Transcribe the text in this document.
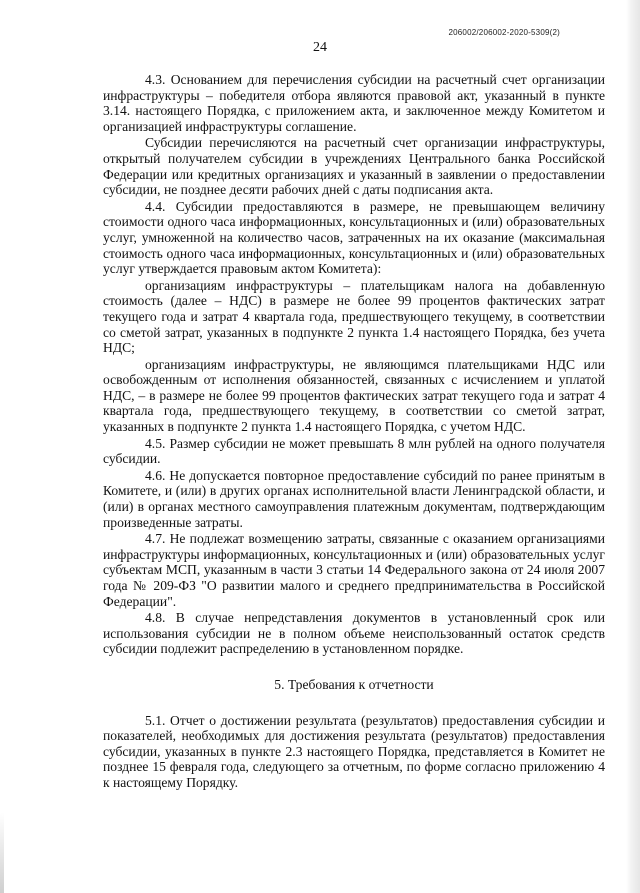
206002/206002-2020-5309(2)
24

4.3. Основанием для перечисления субсидии на расчетный счет организации инфраструктуры – победителя отбора являются правовой акт, указанный в пункте 3.14. настоящего Порядка, с приложением акта, и заключенное между Комитетом и организацией инфраструктуры соглашение.

Субсидии перечисляются на расчетный счет организации инфраструктуры, открытый получателем субсидии в учреждениях Центрального банка Российской Федерации или кредитных организациях и указанный в заявлении о предоставлении субсидии, не позднее десяти рабочих дней с даты подписания акта.

4.4. Субсидии предоставляются в размере, не превышающем величину стоимости одного часа информационных, консультационных и (или) образовательных услуг, умноженной на количество часов, затраченных на их оказание (максимальная стоимость одного часа информационных, консультационных и (или) образовательных услуг утверждается правовым актом Комитета):

организациям инфраструктуры – плательщикам налога на добавленную стоимость (далее – НДС) в размере не более 99 процентов фактических затрат текущего года и затрат 4 квартала года, предшествующего текущему, в соответствии со сметой затрат, указанных в подпункте 2 пункта 1.4 настоящего Порядка, без учета НДС;

организациям инфраструктуры, не являющимся плательщиками НДС или освобожденным от исполнения обязанностей, связанных с исчислением и уплатой НДС, – в размере не более 99 процентов фактических затрат текущего года и затрат 4 квартала года, предшествующего текущему, в соответствии со сметой затрат, указанных в подпункте 2 пункта 1.4 настоящего Порядка, с учетом НДС.

4.5. Размер субсидии не может превышать 8 млн рублей на одного получателя субсидии.

4.6. Не допускается повторное предоставление субсидий по ранее принятым в Комитете, и (или) в других органах исполнительной власти Ленинградской области, и (или) в органах местного самоуправления платежным документам, подтверждающим произведенные затраты.

4.7. Не подлежат возмещению затраты, связанные с оказанием организациями инфраструктуры информационных, консультационных и (или) образовательных услуг субъектам МСП, указанным в части 3 статьи 14 Федерального закона от 24 июля 2007 года № 209-ФЗ "О развитии малого и среднего предпринимательства в Российской Федерации".

4.8. В случае непредставления документов в установленный срок или использования субсидии не в полном объеме неиспользованный остаток средств субсидии подлежит распределению в установленном порядке.

5. Требования к отчетности

5.1. Отчет о достижении результата (результатов) предоставления субсидии и показателей, необходимых для достижения результата (результатов) предоставления субсидии, указанных в пункте 2.3 настоящего Порядка, представляется в Комитет не позднее 15 февраля года, следующего за отчетным, по форме согласно приложению 4 к настоящему Порядку.
